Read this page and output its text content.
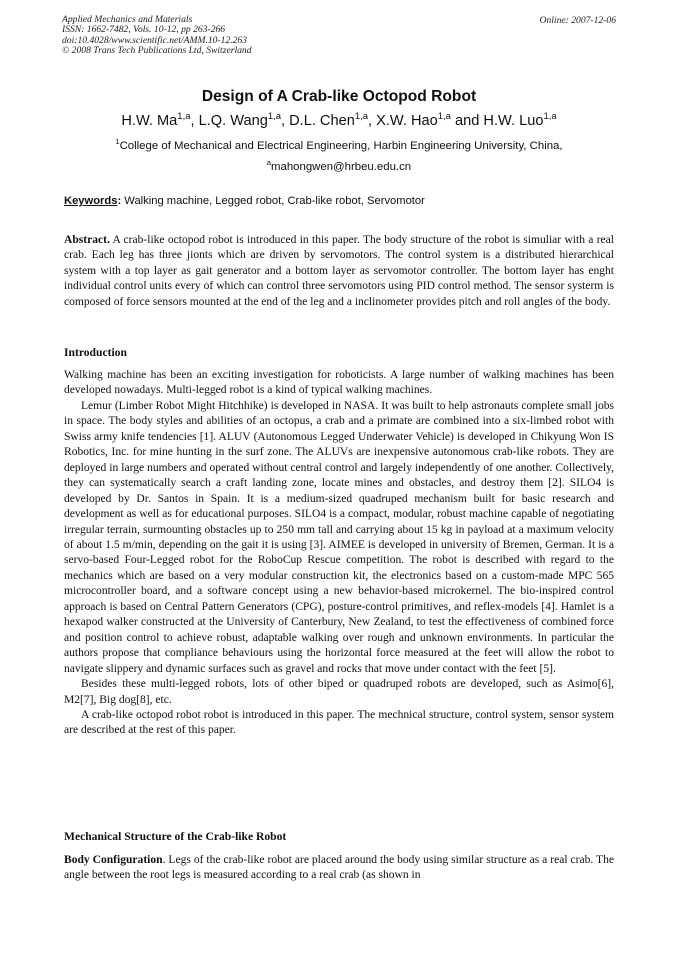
Applied Mechanics and Materials
ISSN: 1662-7482, Vols. 10-12, pp 263-266
doi:10.4028/www.scientific.net/AMM.10-12.263
© 2008 Trans Tech Publications Ltd, Switzerland
Online: 2007-12-06
Design of A Crab-like Octopod Robot
H.W. Ma$^{1,a}$, L.Q. Wang$^{1,a}$, D.L. Chen$^{1,a}$, X.W. Hao$^{1,a}$ and H.W. Luo$^{1,a}$
$^1$College of Mechanical and Electrical Engineering, Harbin Engineering University, China,
$^a$mahongwen@hrbeu.edu.cn
Keywords: Walking machine, Legged robot, Crab-like robot, Servomotor

Abstract. A crab-like octopod robot is introduced in this paper. The body structure of the robot is simuliar with a real crab. Each leg has three jionts which are driven by servomotors. The control system is a distributed hierarchical system with a top layer as gait generator and a bottom layer as servomotor controller. The bottom layer has enght individual control units every of which can control three servomotors using PID control method. The sensor systerm is composed of force sensors mounted at the end of the leg and a inclinometer provides pitch and roll angles of the body.

Introduction

Walking machine has been an exciting investigation for roboticists. A large number of walking machines has been developed nowadays. Multi-legged robot is a kind of typical walking machines.

Lemur (Limber Robot Might Hitchhike) is developed in NASA. It was built to help astronauts complete small jobs in space. The body styles and abilities of an octopus, a crab and a primate are combined into a six-limbed robot with Swiss army knife tendencies [1]. ALUV (Autonomous Legged Underwater Vehicle) is developed in Chikyung Won IS Robotics, Inc. for mine hunting in the surf zone. The ALUVs are inexpensive autonomous crab-like robots. They are deployed in large numbers and operated without central control and largely independently of one another. Collectively, they can systematically search a craft landing zone, locate mines and obstacles, and destroy them [2]. SILO4 is developed by Dr. Santos in Spain. It is a medium-sized quadruped mechanism built for basic research and development as well as for educational purposes. SILO4 is a compact, modular, robust machine capable of negotiating irregular terrain, surmounting obstacles up to 250 mm tall and carrying about 15 kg in payload at a maximum velocity of about 1.5 m/min, depending on the gait it is using [3]. AIMEE is developed in university of Bremen, German. It is a servo-based Four-Legged robot for the RoboCup Rescue competition. The robot is described with regard to the mechanics which are based on a very modular construction kit, the electronics based on a custom-made MPC 565 microcontroller board, and a software concept using a new behavior-based microkernel. The bio-inspired control approach is based on Central Pattern Generators (CPG), posture-control primitives, and reflex-models [4]. Hamlet is a hexapod walker constructed at the University of Canterbury, New Zealand, to test the effectiveness of combined force and position control to achieve robust, adaptable walking over rough and unknown environments. In particular the authors propose that compliance behaviours using the horizontal force measured at the feet will allow the robot to navigate slippery and dynamic surfaces such as gravel and rocks that move under contact with the feet [5].

Besides these multi-legged robots, lots of other biped or quadruped robots are developed, such as Asimo[6], M2[7], Big dog[8], etc.

A crab-like octopod robot robot is introduced in this paper. The mechnical structure, control system, sensor system are described at the rest of this paper.

Mechanical Structure of the Crab-like Robot

Body Configuration. Legs of the crab-like robot are placed around the body using similar structure as a real crab. The angle between the root legs is measured according to a real crab (as shown in
